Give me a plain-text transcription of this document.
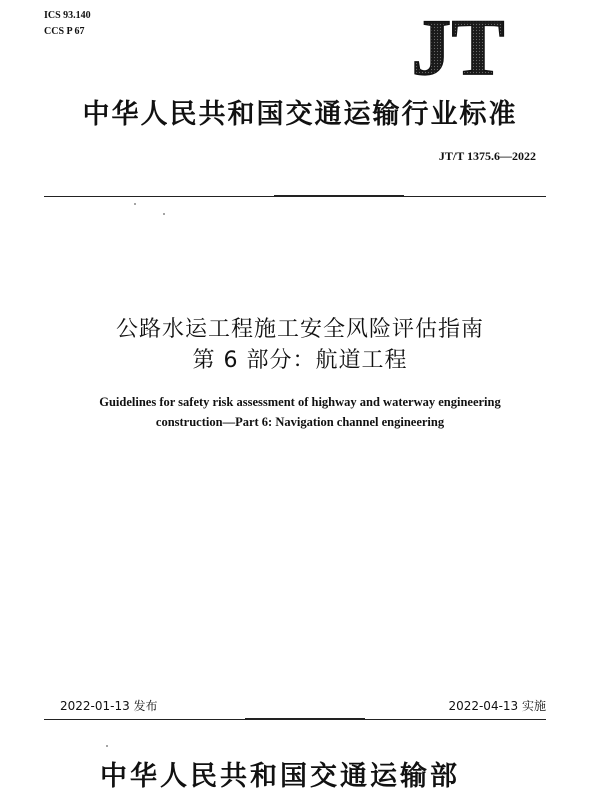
ICS 93.140
CCS P 67	JT
中华人民共和国交通运输行业标准
JT/T 1375.6—2022
公路水运工程施工安全风险评估指南
第 6 部分：航道工程
Guidelines for safety risk assessment of highway and waterway engineering
construction—Part 6: Navigation channel engineering
2022-01-13 发布	2022-04-13 实施
中华人民共和国交通运输部
